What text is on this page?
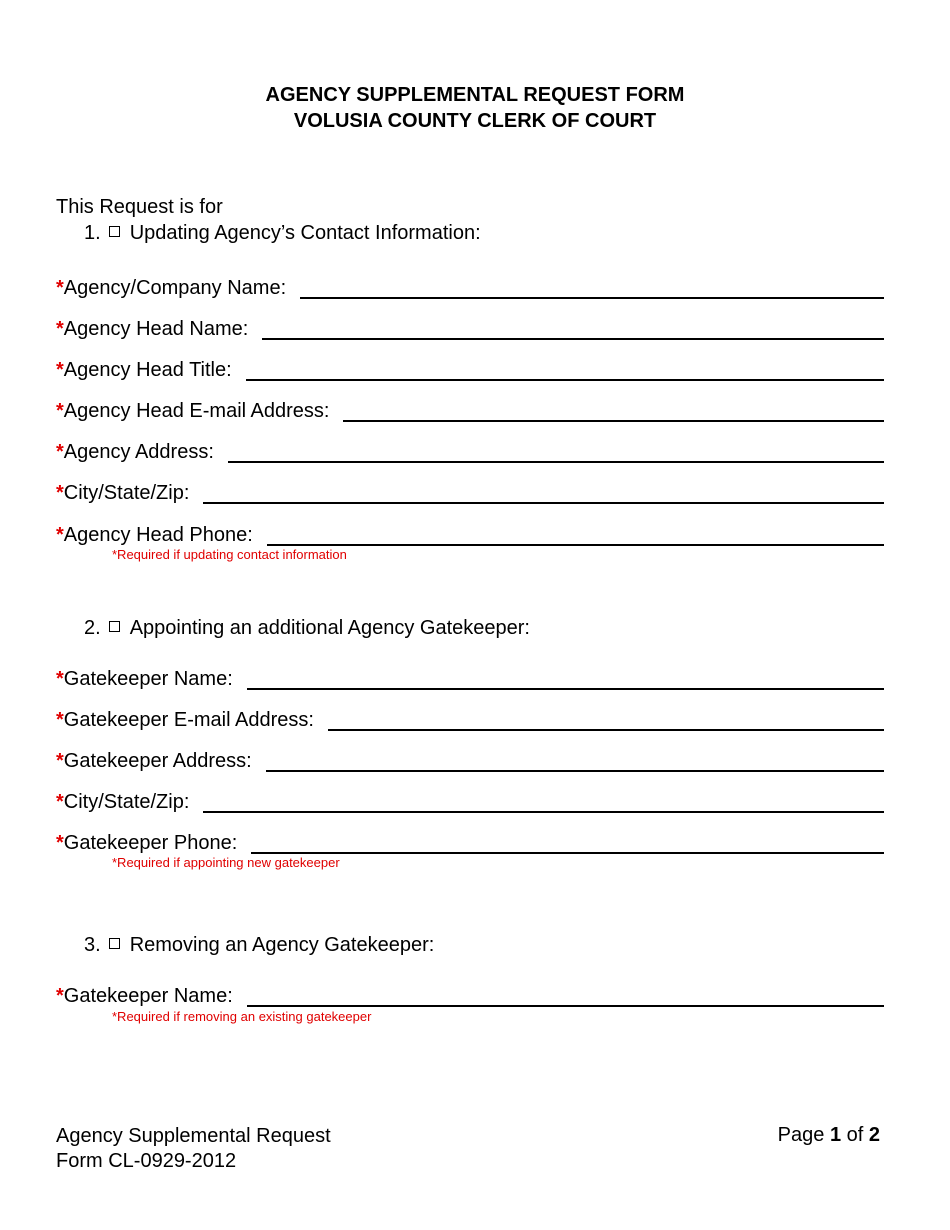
AGENCY SUPPLEMENTAL REQUEST FORM
VOLUSIA COUNTY CLERK OF COURT
This Request is for
1. Updating Agency’s Contact Information:
* Agency/Company Name:
* Agency Head Name:
* Agency Head Title:
* Agency Head E-mail Address:
* Agency Address:
* City/State/Zip:
* Agency Head Phone:
*Required if updating contact information
2. Appointing an additional Agency Gatekeeper:
* Gatekeeper Name:
* Gatekeeper E-mail Address:
* Gatekeeper Address:
* City/State/Zip:
* Gatekeeper Phone:
*Required if appointing new gatekeeper
3. Removing an Agency Gatekeeper:
* Gatekeeper Name:
*Required if removing an existing gatekeeper
Agency Supplemental Request
Form CL-0929-2012
Page 1 of 2
